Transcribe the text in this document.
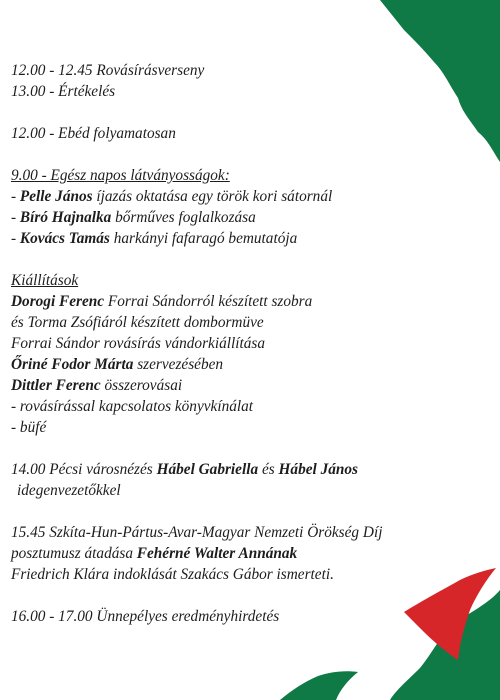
12.00 - 12.45 Rovásírásverseny
13.00 - Értékelés
12.00 - Ebéd folyamatosan
9.00 - Egész napos látványosságok:
- Pelle János íjazás oktatása egy török kori sátornál
- Bíró Hajnalka bőrműves foglalkozása
- Kovács Tamás harkányi fafaragó bemutatója
Kiállítások
Dorogi Ferenc Forrai Sándorról készített szobra
és Torma Zsófiáról készített dombormüve
Forrai Sándor rovásírás vándorkiállítása
Őriné Fodor Márta szervezésében
Dittler Ferenc összerovásai
- rovásírással kapcsolatos könyvkínálat
- büfé
14.00 Pécsi városnézés Hábel Gabriella és Hábel János
idegenvezetőkkel
15.45 Szkíta-Hun-Pártus-Avar-Magyar Nemzeti Örökség Díj
posztumusz átadása Fehérné Walter Annának
Friedrich Klára indoklását Szakács Gábor ismerteti.
16.00 - 17.00 Ünnepélyes eredményhirdetés
